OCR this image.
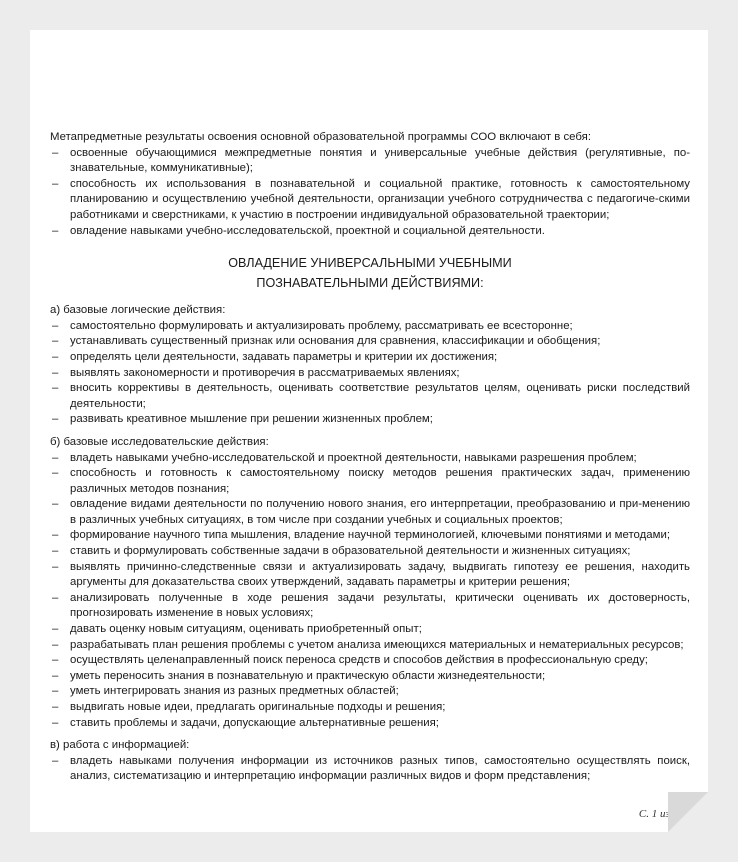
Метапредметные результаты освоения основной образовательной программы СОО включают в себя:

– освоенные обучающимися межпредметные понятия и универсальные учебные действия (регулятивные, по-знавательные, коммуникативные);
– способность их использования в познавательной и социальной практике, готовность к самостоятельному планированию и осуществлению учебной деятельности, организации учебного сотрудничества с педагогиче-скими работниками и сверстниками, к участию в построении индивидуальной образовательной траектории;
– овладение навыками учебно-исследовательской, проектной и социальной деятельности.
ОВЛАДЕНИЕ УНИВЕРСАЛЬНЫМИ УЧЕБНЫМИ
ПОЗНАВАТЕЛЬНЫМИ ДЕЙСТВИЯМИ:

а) базовые логические действия:

– самостоятельно формулировать и актуализировать проблему, рассматривать ее всесторонне;
– устанавливать существенный признак или основания для сравнения, классификации и обобщения;
– определять цели деятельности, задавать параметры и критерии их достижения;
– выявлять закономерности и противоречия в рассматриваемых явлениях;
– вносить коррективы в деятельность, оценивать соответствие результатов целям, оценивать риски последствий деятельности;
– развивать креативное мышление при решении жизненных проблем;

б) базовые исследовательские действия:

– владеть навыками учебно-исследовательской и проектной деятельности, навыками разрешения проблем;
– способность и готовность к самостоятельному поиску методов решения практических задач, применению различных методов познания;
– овладение видами деятельности по получению нового знания, его интерпретации, преобразованию и при-менению в различных учебных ситуациях, в том числе при создании учебных и социальных проектов;
– формирование научного типа мышления, владение научной терминологией, ключевыми понятиями и методами;
– ставить и формулировать собственные задачи в образовательной деятельности и жизненных ситуациях;
– выявлять причинно-следственные связи и актуализировать задачу, выдвигать гипотезу ее решения, находить аргументы для доказательства своих утверждений, задавать параметры и критерии решения;
– анализировать полученные в ходе решения задачи результаты, критически оценивать их достоверность, прогнозировать изменение в новых условиях;
– давать оценку новым ситуациям, оценивать приобретенный опыт;
– разрабатывать план решения проблемы с учетом анализа имеющихся материальных и нематериальных ресурсов;
– осуществлять целенаправленный поиск переноса средств и способов действия в профессиональную среду;
– уметь переносить знания в познавательную и практическую области жизнедеятельности;
– уметь интегрировать знания из разных предметных областей;
– выдвигать новые идеи, предлагать оригинальные подходы и решения;
– ставить проблемы и задачи, допускающие альтернативные решения;

в) работа с информацией:

– владеть навыками получения информации из источников разных типов, самостоятельно осуществлять поиск, анализ, систематизацию и интерпретацию информации различных видов и форм представления;
С. 1 из 3
